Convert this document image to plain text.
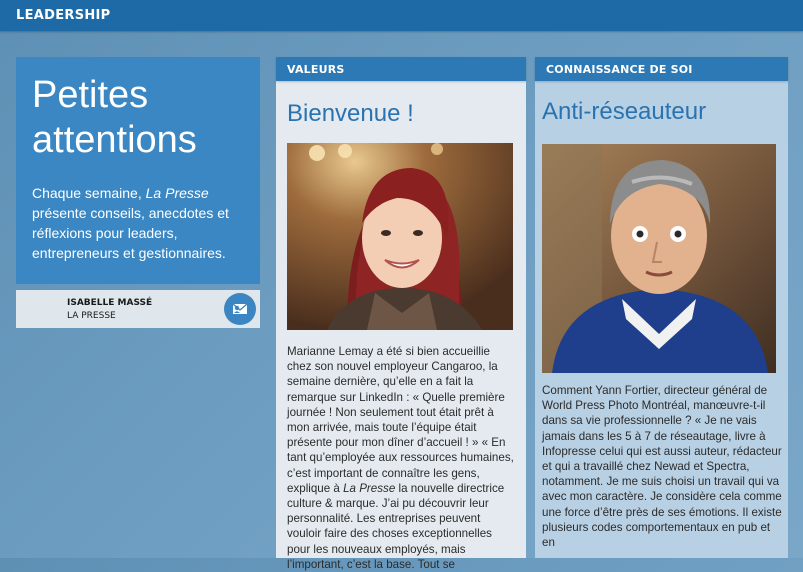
LEADERSHIP
Petites attentions
Chaque semaine, La Presse présente conseils, anecdotes et réflexions pour leaders, entrepreneurs et gestionnaires.
ISABELLE MASSÉ
LA PRESSE
VALEURS
Bienvenue !
Marianne Lemay a été si bien accueillie chez son nouvel employeur Cangaroo, la semaine dernière, qu’elle en a fait la remarque sur LinkedIn : « Quelle première journée ! Non seulement tout était prêt à mon arrivée, mais toute l’équipe était présente pour mon dîner d’accueil ! » « En tant qu’employée aux ressources humaines, c’est important de connaître les gens, explique à La Presse la nouvelle directrice culture & marque. J’ai pu découvrir leur personnalité. Les entreprises peuvent vouloir faire des choses exceptionnelles pour les nouveaux employés, mais l’important, c’est la base. Tout se
CONNAISSANCE DE SOI
Anti-réseauteur
Comment Yann Fortier, directeur général de World Press Photo Montréal, manœuvre-t-il dans sa vie professionnelle ? « Je ne vais jamais dans les 5 à 7 de réseautage, livre à Infopresse celui qui est aussi auteur, rédacteur et qui a travaillé chez Newad et Spectra, notamment. Je me suis choisi un travail qui va avec mon caractère. Je considère cela comme une force d’être près de ses émotions. Il existe plusieurs codes comportementaux en pub et en
